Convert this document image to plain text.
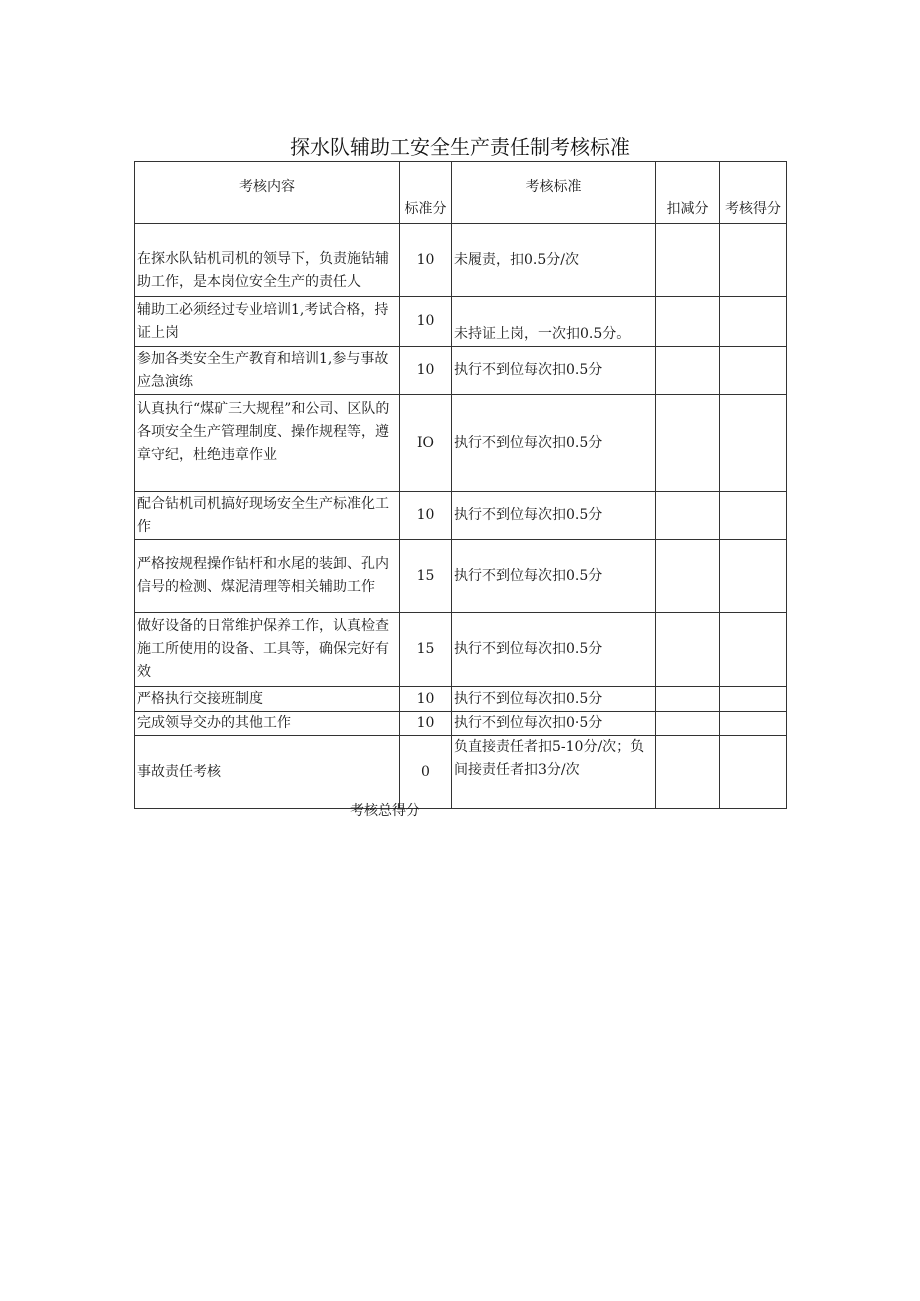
探水队辅助工安全生产责任制考核标准
考核内容	标准分	考核标准	扣减分	考核得分
在探水队钻机司机的领导下，负责施钻辅助工作，是本岗位安全生产的责任人	10	未履责，扣0.5分/次		
辅助工必须经过专业培训1,考试合格，持证上岗	10	未持证上岗，一次扣0.5分。		
参加各类安全生产教育和培训1,参与事故应急演练	10	执行不到位每次扣0.5分		
认真执行“煤矿三大规程”和公司、区队的各项安全生产管理制度、操作规程等，遵章守纪，杜绝违章作业	IO	执行不到位每次扣0.5分		
配合钻机司机搞好现场安全生产标准化工作	10	执行不到位每次扣0.5分		
严格按规程操作钻杆和水尾的装卸、孔内信号的检测、煤泥清理等相关辅助工作	15	执行不到位每次扣0.5分		
做好设备的日常维护保养工作，认真检查施工所使用的设备、工具等，确保完好有效	15	执行不到位每次扣0.5分		
严格执行交接班制度	10	执行不到位每次扣0.5分		
完成领导交办的其他工作	10	执行不到位每次扣0·5分		
事故责任考核	0	负直接责任者扣5-10分/次；负间接责任者扣3分/次		
考核总得分
